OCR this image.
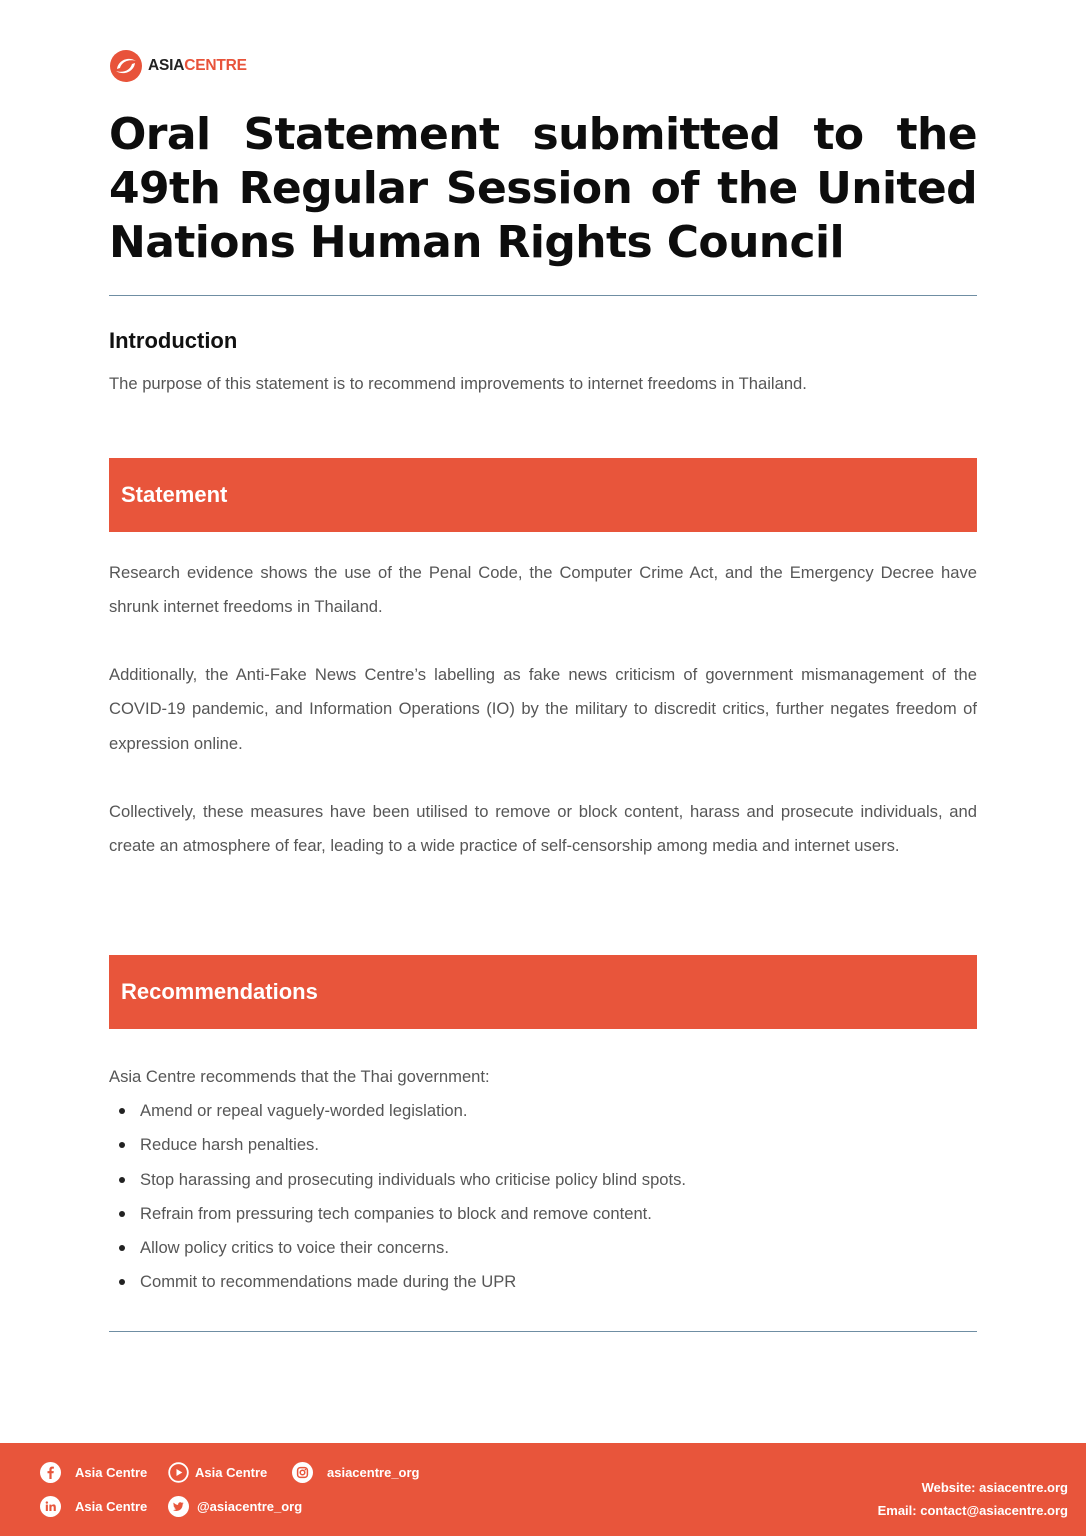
ASIACENTRE
Oral Statement submitted to the 49th Regular Session of the United Nations Human Rights Council
Introduction

The purpose of this statement is to recommend improvements to internet freedoms in Thailand.

Statement

Research evidence shows the use of the Penal Code, the Computer Crime Act, and the Emergency Decree have shrunk internet freedoms in Thailand.

Additionally, the Anti-Fake News Centre’s labelling as fake news criticism of government mismanagement of the COVID-19 pandemic, and Information Operations (IO) by the military to discredit critics, further negates freedom of expression online.

Collectively, these measures have been utilised to remove or block content, harass and prosecute individuals, and create an atmosphere of fear, leading to a wide practice of self-censorship among media and internet users.

Recommendations

Asia Centre recommends that the Thai government:

Amend or repeal vaguely-worded legislation.
Reduce harsh penalties.
Stop harassing and prosecuting individuals who criticise policy blind spots.
Refrain from pressuring tech companies to block and remove content.
Allow policy critics to voice their concerns.
Commit to recommendations made during the UPR
Asia Centre	Asia Centre	asiacentre_org
Asia Centre	@asiacentre_org
Website: asiacentre.org
Email: contact@asiacentre.org
